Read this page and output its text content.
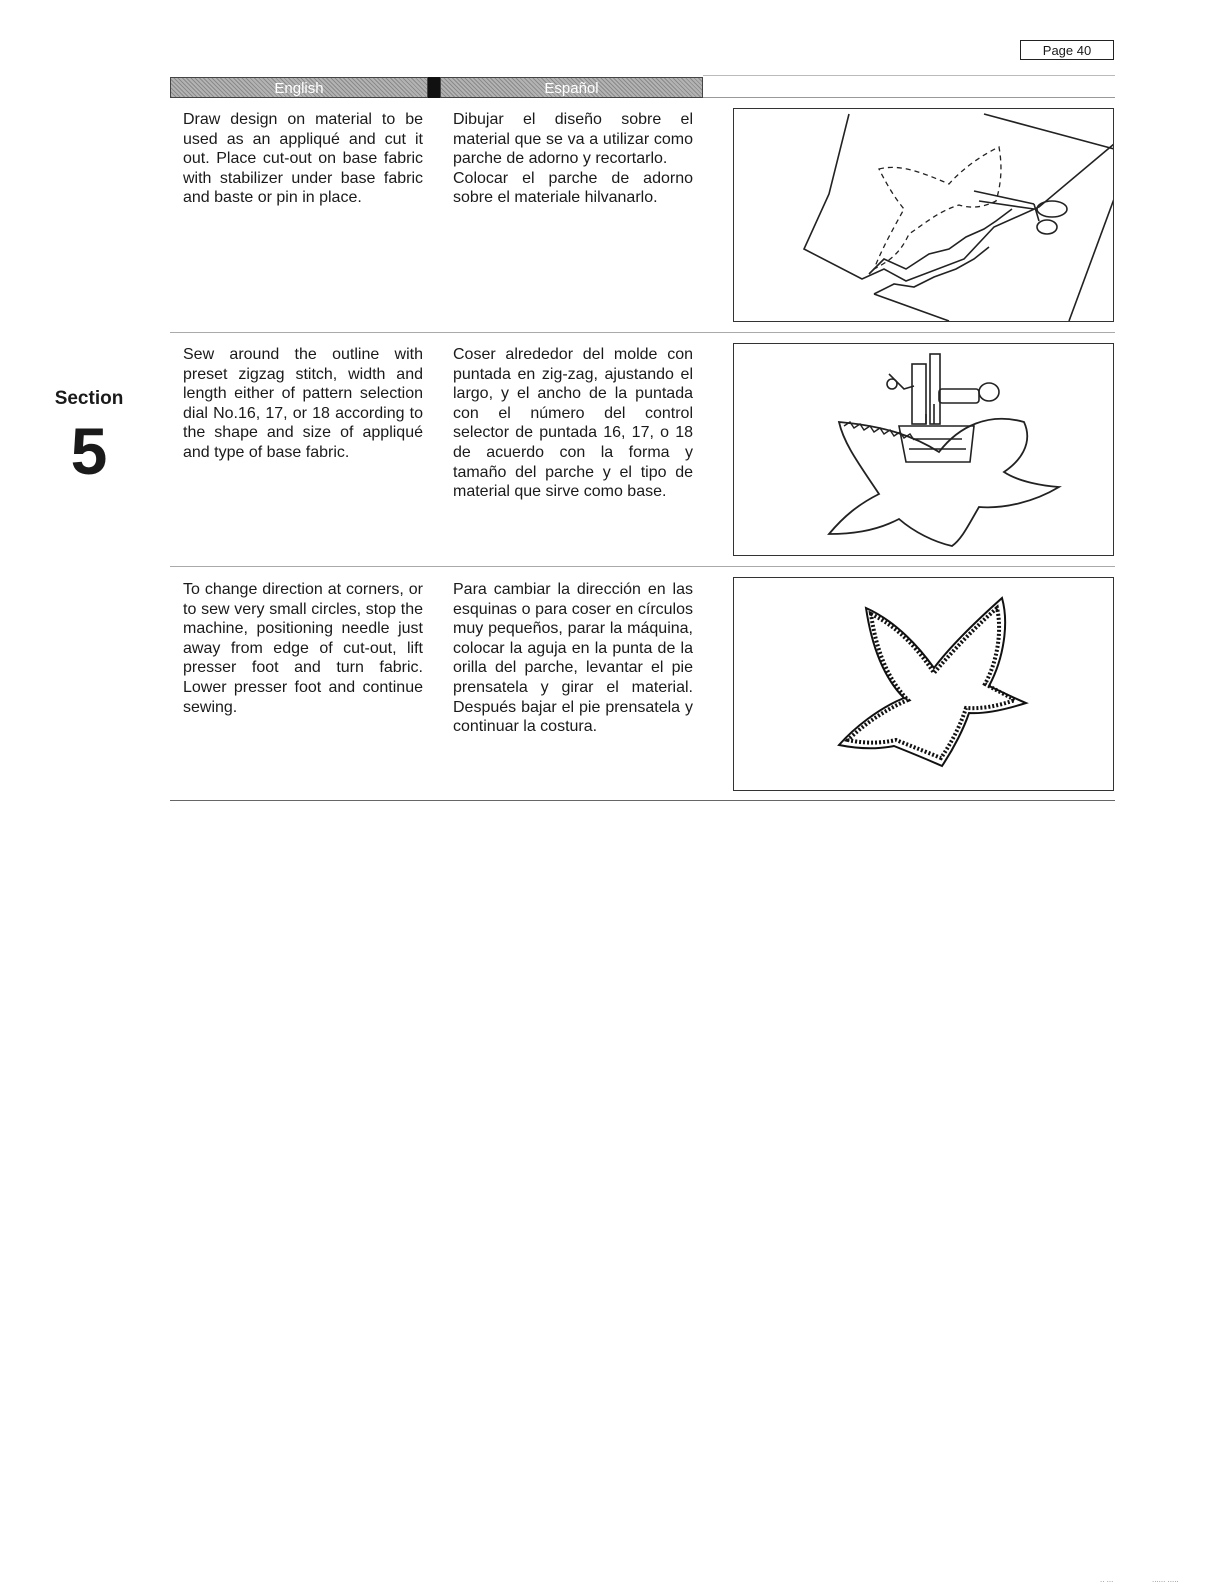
Page 40
English	Español
Section
5
Draw design on material to be used as an appliqué and cut it out. Place cut-out on base fabric with stabilizer under base fabric and baste or pin in place.
Dibujar el diseño sobre el material que se va a utilizar como parche de adorno y recortarlo.
Colocar el parche de adorno sobre el materiale hilvanarlo.
Sew around the outline with preset zigzag stitch, width and length either of pattern selection dial No.16, 17, or 18 according to the shape and size of appliqué and type of base fabric.
Coser alrededor del molde con puntada en zig-zag, ajustando el largo, y el ancho de la puntada con el número del control selector de puntada 16, 17, o 18 de acuerdo con la forma y tamaño del parche y el tipo de material que sirve como base.
To change direction at corners, or to sew very small circles, stop the machine, positioning needle just away from edge of cut-out, lift presser foot and turn fabric. Lower presser foot and continue sewing.
Para cambiar la dirección en las esquinas o para coser en círculos muy pequeños, parar la máquina, colocar la aguja en la punta de la orilla del parche, levantar el pie prensatela y girar el material. Después bajar el pie prensatela y continuar la costura.
.. ...	...... .....
